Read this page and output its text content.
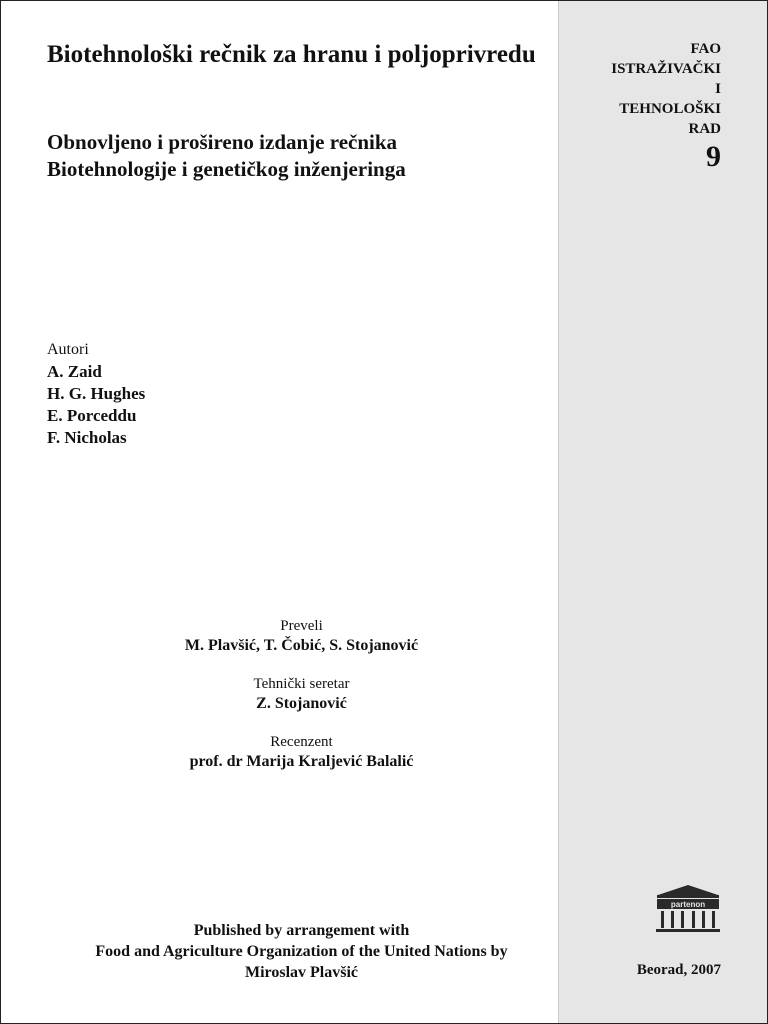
Biotehnološki rečnik za hranu i poljoprivredu
Obnovljeno i prošireno izdanje rečnika
Biotehnologije i genetičkog inženjeringa
Autori
A. Zaid
H. G. Hughes
E. Porceddu
F. Nicholas
Preveli
M. Plavšić, T. Čobić, S. Stojanović
Tehnički seretar
Z. Stojanović
Recenzent
prof. dr Marija Kraljević Balalić
Published by arrangement with
Food and Agriculture Organization of the United Nations by
Miroslav Plavšić
FAO
ISTRAŽIVAČKI
I
TEHNOLOŠKI
RAD
9
partenon
Beorad, 2007
